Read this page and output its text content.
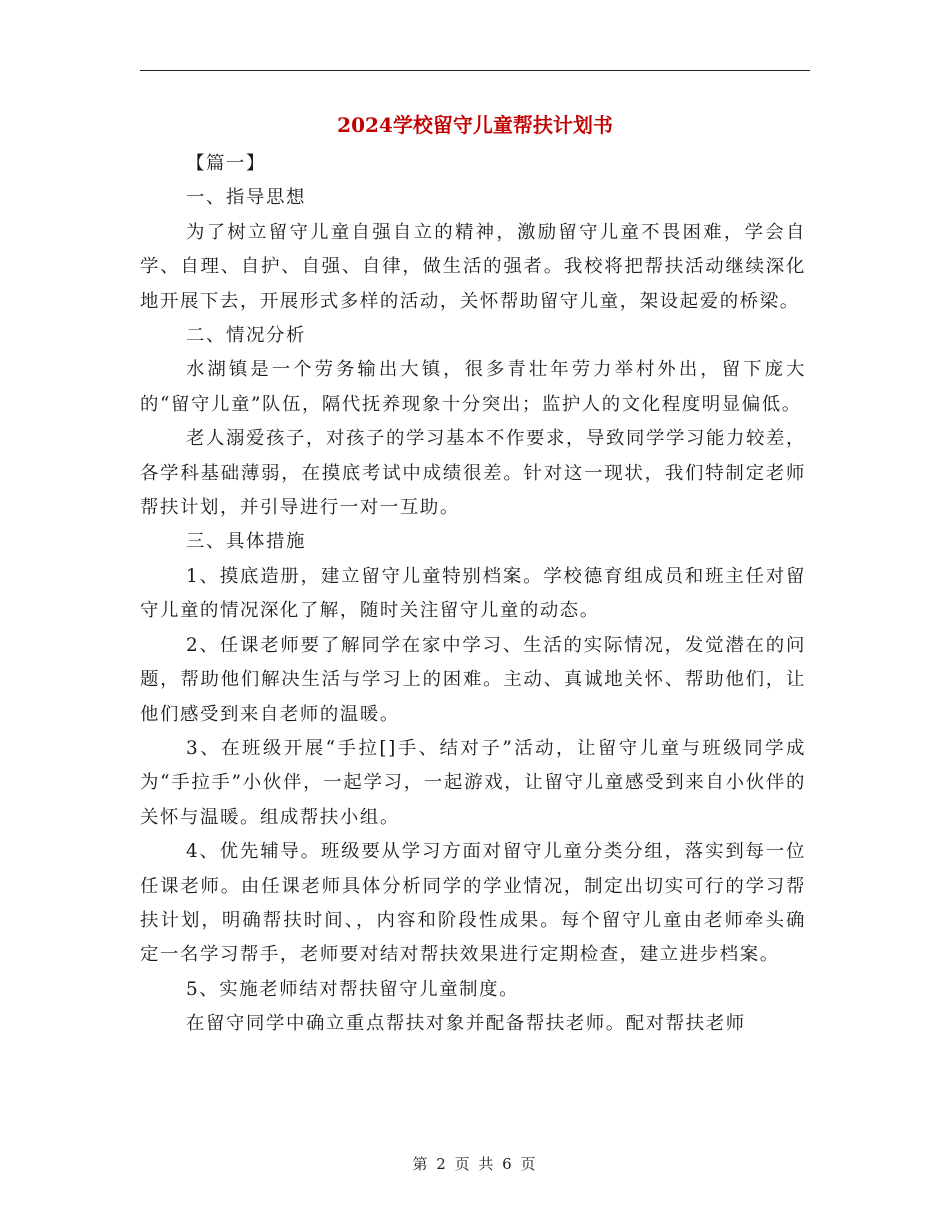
2024学校留守儿童帮扶计划书

【篇一】

一、指导思想

为了树立留守儿童自强自立的精神，激励留守儿童不畏困难，学会自学、自理、自护、自强、自律，做生活的强者。我校将把帮扶活动继续深化地开展下去，开展形式多样的活动，关怀帮助留守儿童，架设起爱的桥梁。

二、情况分析

水湖镇是一个劳务输出大镇，很多青壮年劳力举村外出，留下庞大的“留守儿童”队伍，隔代抚养现象十分突出；监护人的文化程度明显偏低。

老人溺爱孩子，对孩子的学习基本不作要求，导致同学学习能力较差，各学科基础薄弱，在摸底考试中成绩很差。针对这一现状，我们特制定老师帮扶计划，并引导进行一对一互助。

三、具体措施

1、摸底造册，建立留守儿童特别档案。学校德育组成员和班主任对留守儿童的情况深化了解，随时关注留守儿童的动态。

2、任课老师要了解同学在家中学习、生活的实际情况，发觉潜在的问题，帮助他们解决生活与学习上的困难。主动、真诚地关怀、帮助他们，让他们感受到来自老师的温暖。

3、在班级开展“手拉[]手、结对子”活动，让留守儿童与班级同学成为“手拉手”小伙伴，一起学习，一起游戏，让留守儿童感受到来自小伙伴的关怀与温暖。组成帮扶小组。

4、优先辅导。班级要从学习方面对留守儿童分类分组，落实到每一位任课老师。由任课老师具体分析同学的学业情况，制定出切实可行的学习帮扶计划，明确帮扶时间、，内容和阶段性成果。每个留守儿童由老师牵头确定一名学习帮手，老师要对结对帮扶效果进行定期检查，建立进步档案。

5、实施老师结对帮扶留守儿童制度。

在留守同学中确立重点帮扶对象并配备帮扶老师。配对帮扶老师

第 2 页 共 6 页
